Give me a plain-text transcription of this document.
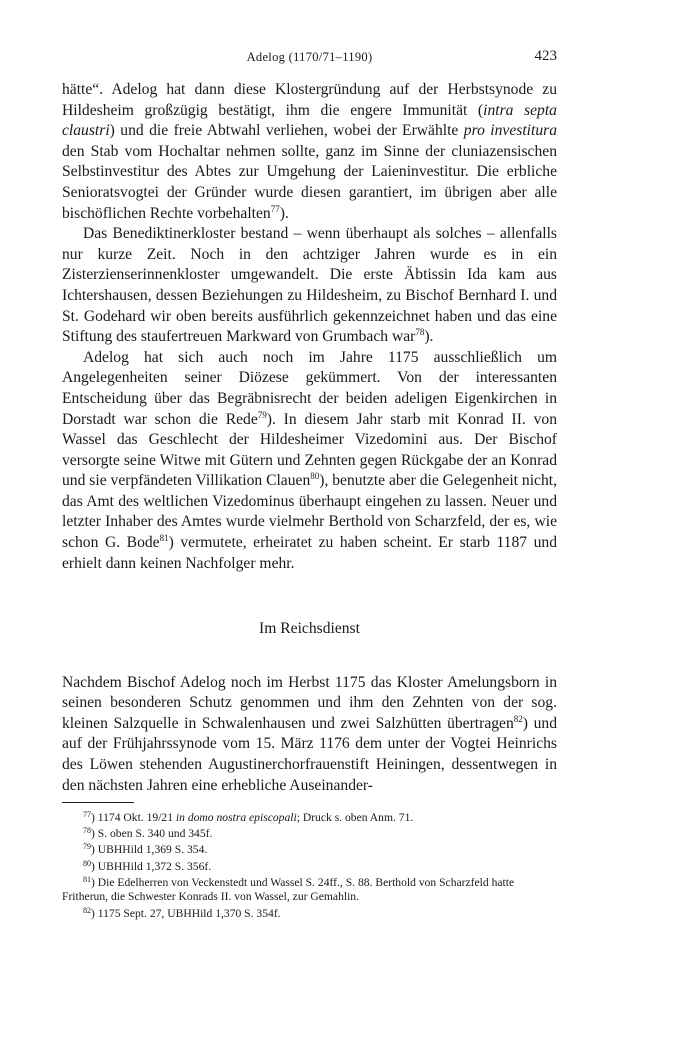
Adelog (1170/71–1190)	423

hätte“. Adelog hat dann diese Klostergründung auf der Herbstsynode zu Hildesheim großzügig bestätigt, ihm die engere Immunität (intra septa claustri) und die freie Abtwahl verliehen, wobei der Erwählte pro investitura den Stab vom Hochaltar nehmen sollte, ganz im Sinne der cluniazensischen Selbstinvestitur des Abtes zur Umgehung der Laieninvestitur. Die erbliche Senioratsvogtei der Gründer wurde diesen garantiert, im übrigen aber alle bischöflichen Rechte vorbehalten$^{77}$).

Das Benediktinerkloster bestand – wenn überhaupt als solches – allenfalls nur kurze Zeit. Noch in den achtziger Jahren wurde es in ein Zisterzienserinnenkloster umgewandelt. Die erste Äbtissin Ida kam aus Ichtershausen, dessen Beziehungen zu Hildesheim, zu Bischof Bernhard I. und St. Godehard wir oben bereits ausführlich gekennzeichnet haben und das eine Stiftung des staufertreuen Markward von Grumbach war$^{78}$).

Adelog hat sich auch noch im Jahre 1175 ausschließlich um Angelegenheiten seiner Diözese gekümmert. Von der interessanten Entscheidung über das Begräbnisrecht der beiden adeligen Eigenkirchen in Dorstadt war schon die Rede$^{79}$). In diesem Jahr starb mit Konrad II. von Wassel das Geschlecht der Hildesheimer Vizedomini aus. Der Bischof versorgte seine Witwe mit Gütern und Zehnten gegen Rückgabe der an Konrad und sie verpfändeten Villikation Clauen$^{80}$), benutzte aber die Gelegenheit nicht, das Amt des weltlichen Vizedominus überhaupt eingehen zu lassen. Neuer und letzter Inhaber des Amtes wurde vielmehr Berthold von Scharzfeld, der es, wie schon G. Bode$^{81}$) vermutete, erheiratet zu haben scheint. Er starb 1187 und erhielt dann keinen Nachfolger mehr.

Im Reichsdienst

Nachdem Bischof Adelog noch im Herbst 1175 das Kloster Amelungsborn in seinen besonderen Schutz genommen und ihm den Zehnten von der sog. kleinen Salzquelle in Schwalenhausen und zwei Salzhütten übertragen$^{82}$) und auf der Frühjahrssynode vom 15. März 1176 dem unter der Vogtei Heinrichs des Löwen stehenden Augustinerchorfrauenstift Heiningen, dessentwegen in den nächsten Jahren eine erhebliche Auseinander-

$^{77}$) 1174 Okt. 19/21 in domo nostra episcopali; Druck s. oben Anm. 71.

$^{78}$) S. oben S. 340 und 345f.

$^{79}$) UBHHild 1,369 S. 354.

$^{80}$) UBHHild 1,372 S. 356f.

$^{81}$) Die Edelherren von Veckenstedt und Wassel S. 24ff., S. 88. Berthold von Scharzfeld hatte Fritherun, die Schwester Konrads II. von Wassel, zur Gemahlin.

$^{82}$) 1175 Sept. 27, UBHHild 1,370 S. 354f.
